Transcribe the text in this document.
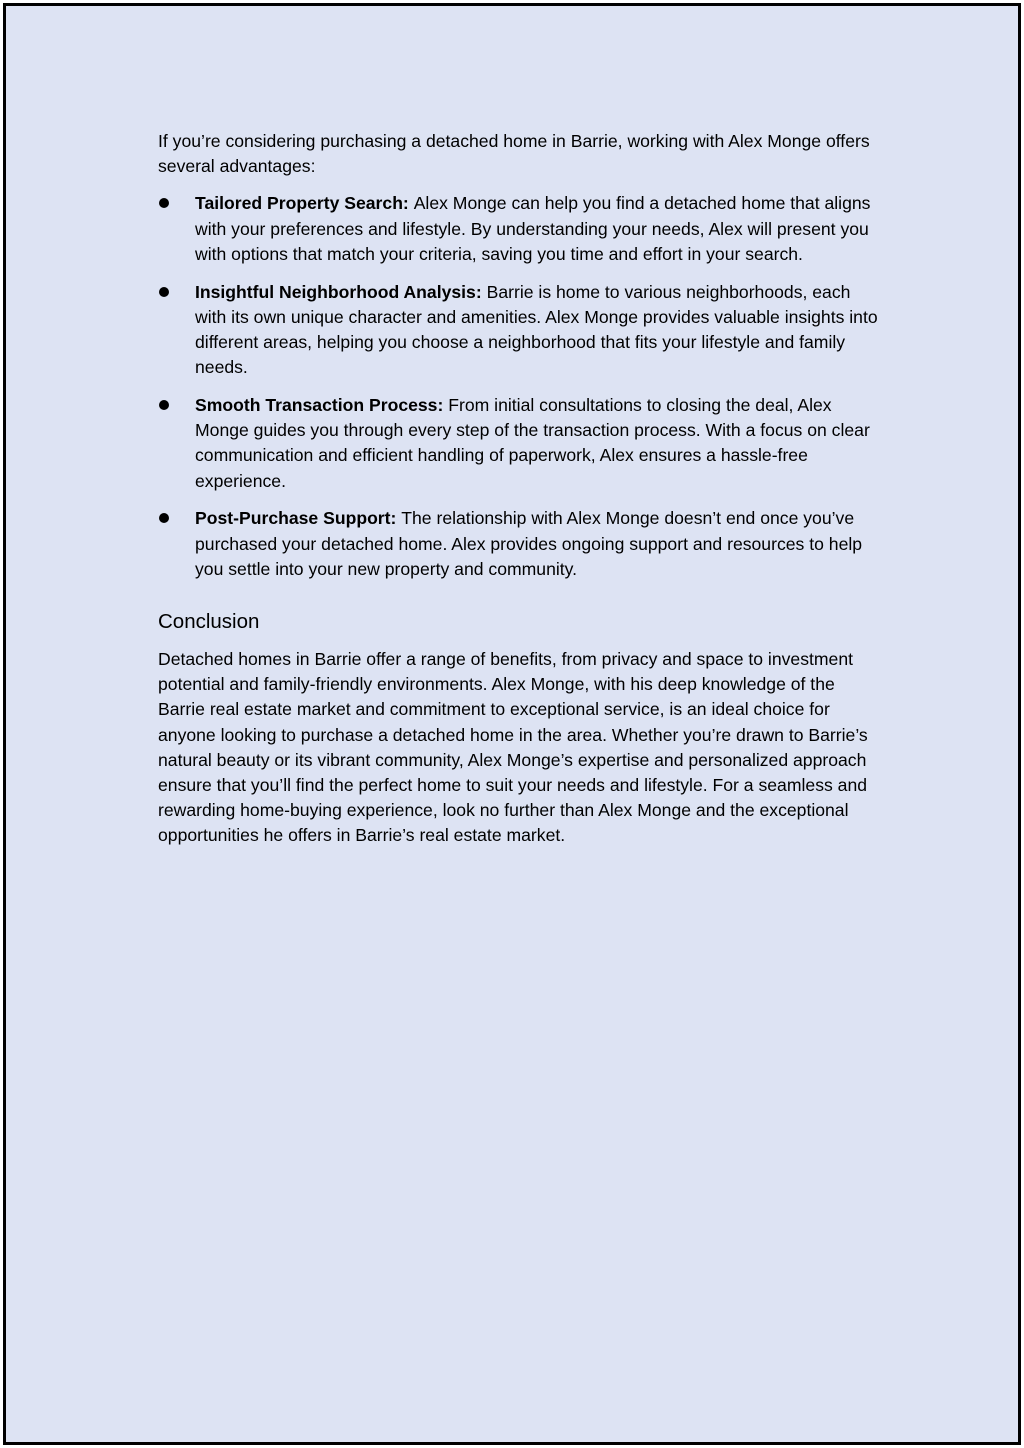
If you’re considering purchasing a detached home in Barrie, working with Alex Monge offers several advantages:

Tailored Property Search: Alex Monge can help you find a detached home that aligns with your preferences and lifestyle. By understanding your needs, Alex will present you with options that match your criteria, saving you time and effort in your search.
Insightful Neighborhood Analysis: Barrie is home to various neighborhoods, each with its own unique character and amenities. Alex Monge provides valuable insights into different areas, helping you choose a neighborhood that fits your lifestyle and family needs.
Smooth Transaction Process: From initial consultations to closing the deal, Alex Monge guides you through every step of the transaction process. With a focus on clear communication and efficient handling of paperwork, Alex ensures a hassle-free experience.
Post-Purchase Support: The relationship with Alex Monge doesn’t end once you’ve purchased your detached home. Alex provides ongoing support and resources to help you settle into your new property and community.
Conclusion

Detached homes in Barrie offer a range of benefits, from privacy and space to investment potential and family-friendly environments. Alex Monge, with his deep knowledge of the Barrie real estate market and commitment to exceptional service, is an ideal choice for anyone looking to purchase a detached home in the area. Whether you’re drawn to Barrie’s natural beauty or its vibrant community, Alex Monge’s expertise and personalized approach ensure that you’ll find the perfect home to suit your needs and lifestyle. For a seamless and rewarding home-buying experience, look no further than Alex Monge and the exceptional opportunities he offers in Barrie’s real estate market.
